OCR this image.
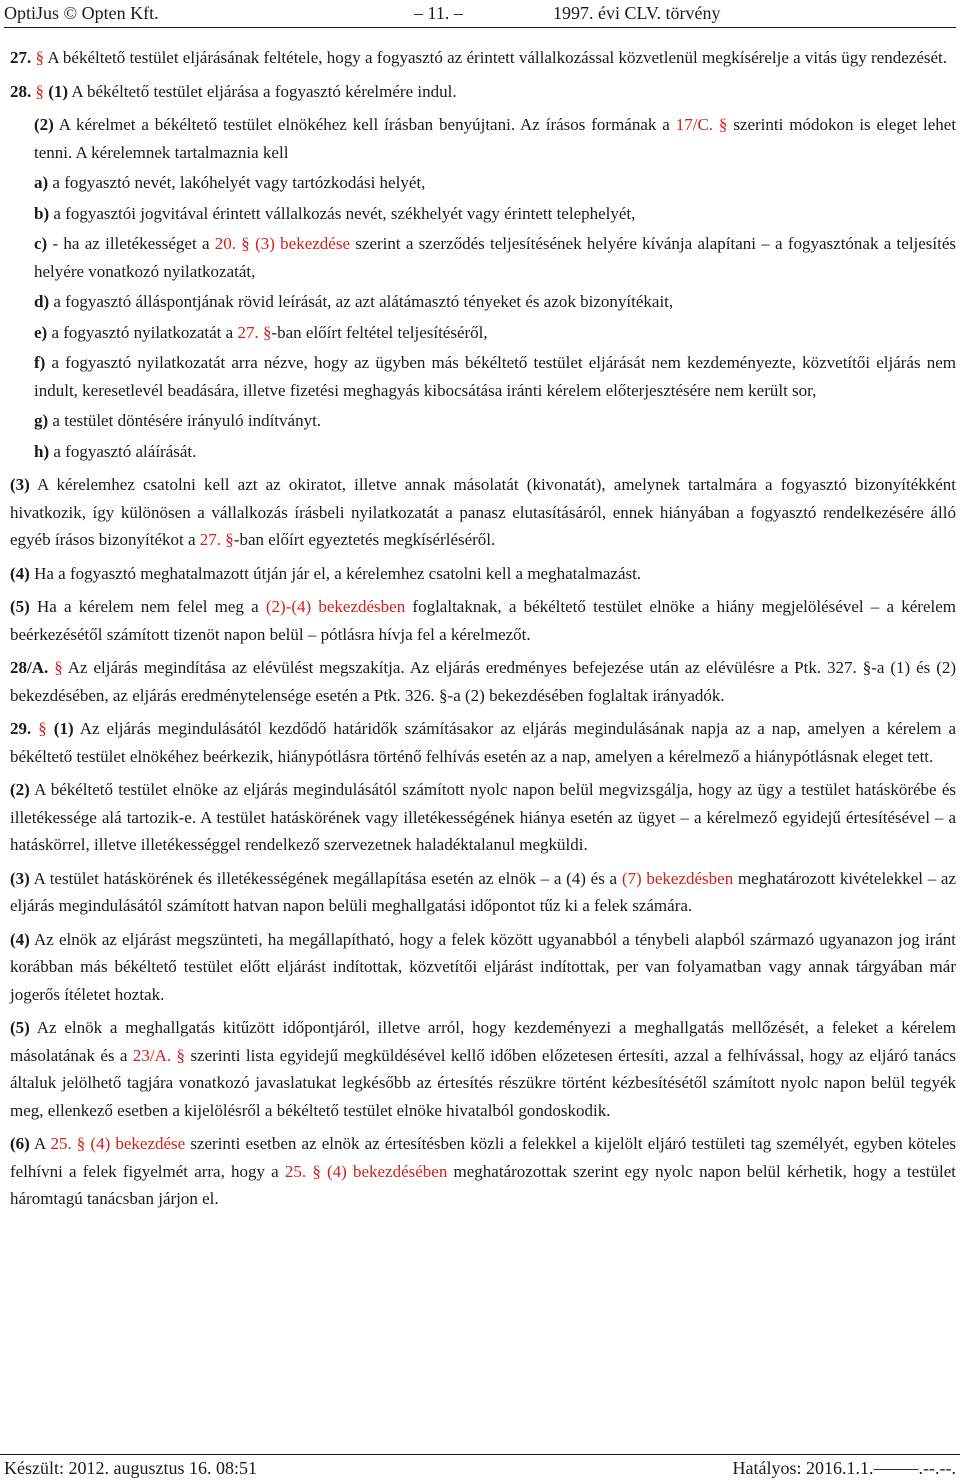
OptiJus © Opten Kft.	– 11. –	1997. évi CLV. törvény

27. § A békéltető testület eljárásának feltétele, hogy a fogyasztó az érintett vállalkozással közvetlenül megkísérelje a vitás ügy rendezését.

28. § (1) A békéltető testület eljárása a fogyasztó kérelmére indul.

(2) A kérelmet a békéltető testület elnökéhez kell írásban benyújtani. Az írásos formának a 17/C. § szerinti módokon is eleget lehet tenni. A kérelemnek tartalmaznia kell

a) a fogyasztó nevét, lakóhelyét vagy tartózkodási helyét,

b) a fogyasztói jogvitával érintett vállalkozás nevét, székhelyét vagy érintett telephelyét,

c) - ha az illetékességet a 20. § (3) bekezdése szerint a szerződés teljesítésének helyére kívánja alapítani – a fogyasztónak a teljesítés helyére vonatkozó nyilatkozatát,

d) a fogyasztó álláspontjának rövid leírását, az azt alátámasztó tényeket és azok bizonyítékait,

e) a fogyasztó nyilatkozatát a 27. §-ban előírt feltétel teljesítéséről,

f) a fogyasztó nyilatkozatát arra nézve, hogy az ügyben más békéltető testület eljárását nem kezdeményezte, közvetítői eljárás nem indult, keresetlevél beadására, illetve fizetési meghagyás kibocsátása iránti kérelem előterjesztésére nem került sor,

g) a testület döntésére irányuló indítványt.

h) a fogyasztó aláírását.

(3) A kérelemhez csatolni kell azt az okiratot, illetve annak másolatát (kivonatát), amelynek tartalmára a fogyasztó bizonyítékként hivatkozik, így különösen a vállalkozás írásbeli nyilatkozatát a panasz elutasításáról, ennek hiányában a fogyasztó rendelkezésére álló egyéb írásos bizonyítékot a 27. §-ban előírt egyeztetés megkísérléséről.

(4) Ha a fogyasztó meghatalmazott útján jár el, a kérelemhez csatolni kell a meghatalmazást.

(5) Ha a kérelem nem felel meg a (2)-(4) bekezdésben foglaltaknak, a békéltető testület elnöke a hiány megjelölésével – a kérelem beérkezésétől számított tizenöt napon belül – pótlásra hívja fel a kérelmezőt.

28/A. § Az eljárás megindítása az elévülést megszakítja. Az eljárás eredményes befejezése után az elévülésre a Ptk. 327. §-a (1) és (2) bekezdésében, az eljárás eredménytelensége esetén a Ptk. 326. §-a (2) bekezdésében foglaltak irányadók.

29. § (1) Az eljárás megindulásától kezdődő határidők számításakor az eljárás megindulásának napja az a nap, amelyen a kérelem a békéltető testület elnökéhez beérkezik, hiánypótlásra történő felhívás esetén az a nap, amelyen a kérelmező a hiánypótlásnak eleget tett.

(2) A békéltető testület elnöke az eljárás megindulásától számított nyolc napon belül megvizsgálja, hogy az ügy a testület hatáskörébe és illetékessége alá tartozik-e. A testület hatáskörének vagy illetékességének hiánya esetén az ügyet – a kérelmező egyidejű értesítésével – a hatáskörrel, illetve illetékességgel rendelkező szervezetnek haladéktalanul megküldi.

(3) A testület hatáskörének és illetékességének megállapítása esetén az elnök – a (4) és a (7) bekezdésben meghatározott kivételekkel – az eljárás megindulásától számított hatvan napon belüli meghallgatási időpontot tűz ki a felek számára.

(4) Az elnök az eljárást megszünteti, ha megállapítható, hogy a felek között ugyanabból a ténybeli alapból származó ugyanazon jog iránt korábban más békéltető testület előtt eljárást indítottak, közvetítői eljárást indítottak, per van folyamatban vagy annak tárgyában már jogerős ítéletet hoztak.

(5) Az elnök a meghallgatás kitűzött időpontjáról, illetve arról, hogy kezdeményezi a meghallgatás mellőzését, a feleket a kérelem másolatának és a 23/A. § szerinti lista egyidejű megküldésével kellő időben előzetesen értesíti, azzal a felhívással, hogy az eljáró tanács általuk jelölhető tagjára vonatkozó javaslatukat legkésőbb az értesítés részükre történt kézbesítésétől számított nyolc napon belül tegyék meg, ellenkező esetben a kijelölésről a békéltető testület elnöke hivatalból gondoskodik.

(6) A 25. § (4) bekezdése szerinti esetben az elnök az értesítésben közli a felekkel a kijelölt eljáró testületi tag személyét, egyben köteles felhívni a felek figyelmét arra, hogy a 25. § (4) bekezdésében meghatározottak szerint egy nyolc napon belül kérhetik, hogy a testület háromtagú tanácsban járjon el.

Készült: 2012. augusztus 16. 08:51	Hatályos: 2016.1.1.–––––.--.--.
